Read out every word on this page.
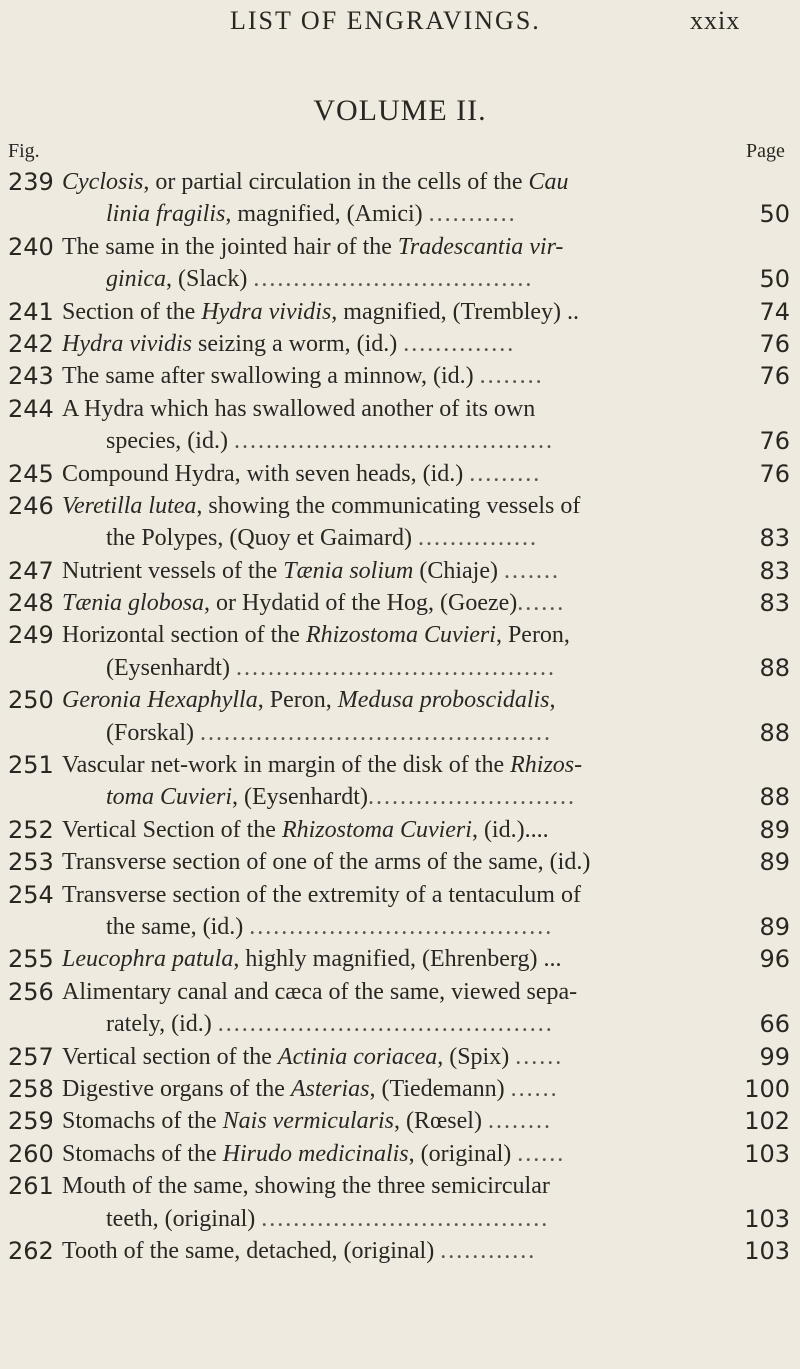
LIST OF ENGRAVINGS.	xxix
VOLUME II.
Fig.	Page
239 Cyclosis, or partial circulation in the cells of the Cau
linia fragilis, magnified, (Amici) ...........	50
240 The same in the jointed hair of the Tradescantia vir-
ginica, (Slack) ...................................	50
241 Section of the Hydra vividis, magnified, (Trembley) ..	74
242 Hydra vividis seizing a worm, (id.) ..............	76
243 The same after swallowing a minnow, (id.) ........	76
244 A Hydra which has swallowed another of its own
species, (id.) ........................................	76
245 Compound Hydra, with seven heads, (id.) .........	76
246 Veretilla lutea, showing the communicating vessels of
the Polypes, (Quoy et Gaimard) ...............	83
247 Nutrient vessels of the Tænia solium (Chiaje) .......	83
248 Tænia globosa, or Hydatid of the Hog, (Goeze)......	83
249 Horizontal section of the Rhizostoma Cuvieri, Peron,
(Eysenhardt) ........................................	88
250 Geronia Hexaphylla, Peron, Medusa proboscidalis,
(Forskal) ............................................	88
251 Vascular net-work in margin of the disk of the Rhizos-
toma Cuvieri, (Eysenhardt)..........................	88
252 Vertical Section of the Rhizostoma Cuvieri, (id.)....	89
253 Transverse section of one of the arms of the same, (id.)	89
254 Transverse section of the extremity of a tentaculum of
the same, (id.) ......................................	89
255 Leucophra patula, highly magnified, (Ehrenberg) ...	96
256 Alimentary canal and cæca of the same, viewed sepa-
rately, (id.) ..........................................	66
257 Vertical section of the Actinia coriacea, (Spix) ......	99
258 Digestive organs of the Asterias, (Tiedemann) ......	100
259 Stomachs of the Nais vermicularis, (Rœsel) ........	102
260 Stomachs of the Hirudo medicinalis, (original) ......	103
261 Mouth of the same, showing the three semicircular
teeth, (original) ....................................	103
262 Tooth of the same, detached, (original) ............	103
